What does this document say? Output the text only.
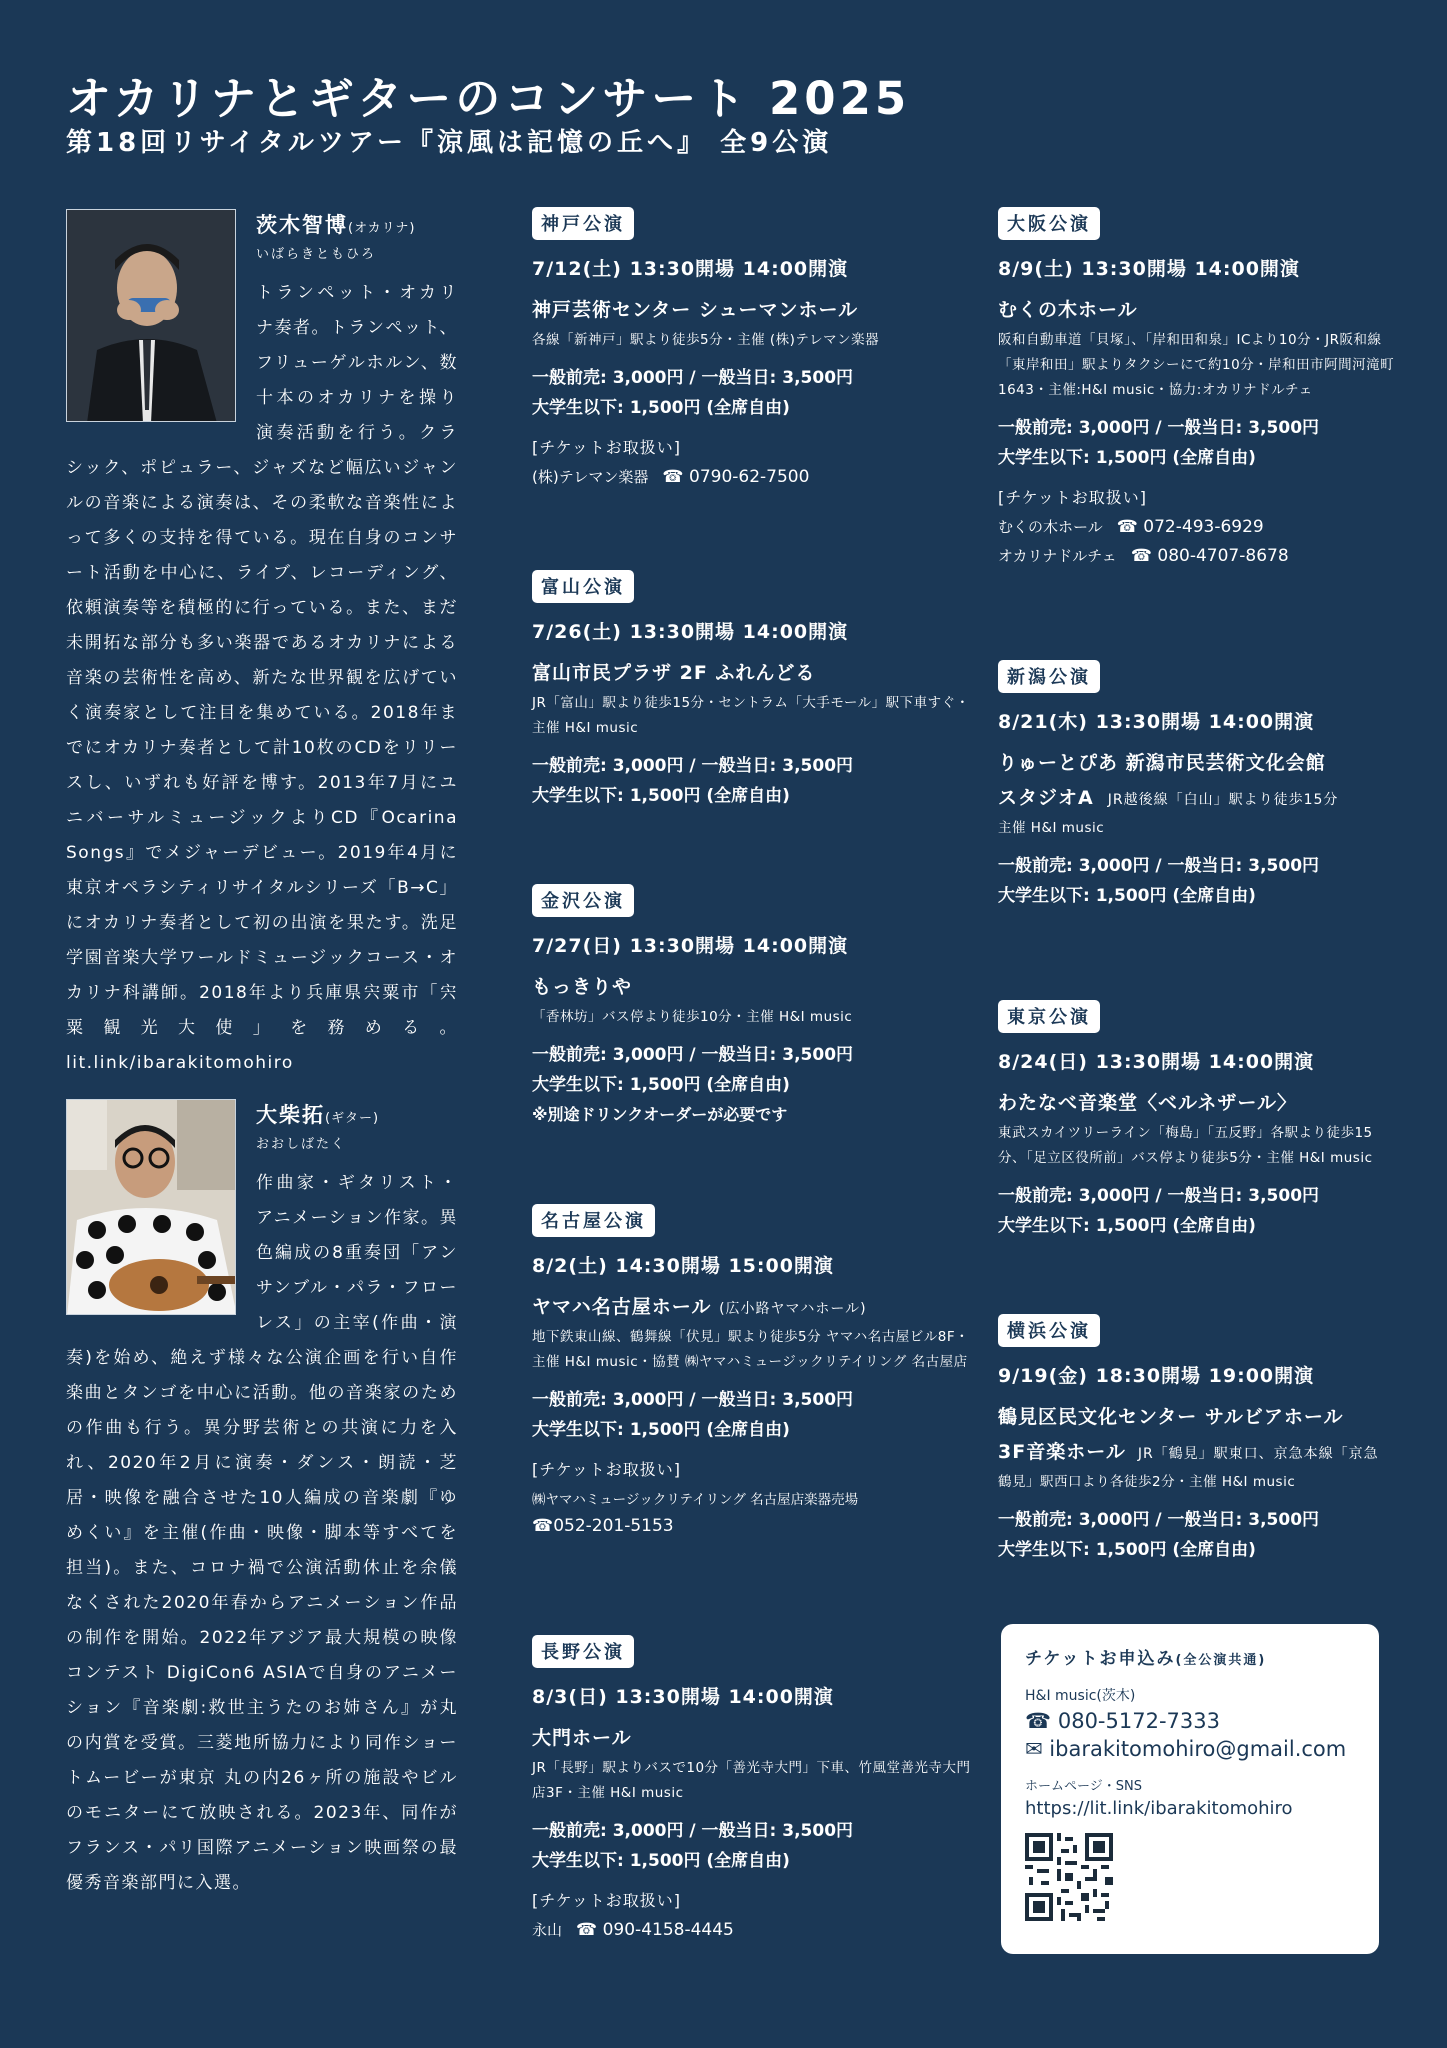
オカリナとギターのコンサート 2025
第18回リサイタルツアー『涼風は記憶の丘へ』 全9公演
茨木智博(オカリナ)
いばらきともひろ
トランペット・オカリナ奏者。トランペット、フリューゲルホルン、数十本のオカリナを操り演奏活動を行う。クラシック、ポピュラー、ジャズなど幅広いジャンルの音楽による演奏は、その柔軟な音楽性によって多くの支持を得ている。現在自身のコンサート活動を中心に、ライブ、レコーディング、依頼演奏等を積極的に行っている。また、まだ未開拓な部分も多い楽器であるオカリナによる音楽の芸術性を高め、新たな世界観を広げていく演奏家として注目を集めている。2018年までにオカリナ奏者として計10枚のCDをリリースし、いずれも好評を博す。2013年7月にユニバーサルミュージックよりCD『Ocarina Songs』でメジャーデビュー。2019年4月に東京オペラシティリサイタルシリーズ「B→C」にオカリナ奏者として初の出演を果たす。洗足学園音楽大学ワールドミュージックコース・オカリナ科講師。2018年より兵庫県宍粟市「宍粟観光大使」を務める。lit.link/ibarakitomohiro
大柴拓(ギター)
おおしばたく
作曲家・ギタリスト・アニメーション作家。異色編成の8重奏団「アンサンブル・パラ・フローレス」の主宰(作曲・演奏)を始め、絶えず様々な公演企画を行い自作楽曲とタンゴを中心に活動。他の音楽家のための作曲も行う。異分野芸術との共演に力を入れ、2020年2月に演奏・ダンス・朗読・芝居・映像を融合させた10人編成の音楽劇『ゆめくい』を主催(作曲・映像・脚本等すべてを担当)。また、コロナ禍で公演活動休止を余儀なくされた2020年春からアニメーション作品の制作を開始。2022年アジア最大規模の映像コンテスト DigiCon6 ASIAで自身のアニメーション『音楽劇:救世主うたのお姉さん』が丸の内賞を受賞。三菱地所協力により同作ショートムービーが東京 丸の内26ヶ所の施設やビルのモニターにて放映される。2023年、同作がフランス・パリ国際アニメーション映画祭の最優秀音楽部門に入選。
神戸公演
7/12(土) 13:30開場 14:00開演
神戸芸術センター シューマンホール
各線「新神戸」駅より徒歩5分・主催 (株)テレマン楽器
一般前売: 3,000円 / 一般当日: 3,500円
大学生以下: 1,500円 (全席自由)
[チケットお取扱い]
(株)テレマン楽器 ☎ 0790-62-7500
富山公演
7/26(土) 13:30開場 14:00開演
富山市民プラザ 2F ふれんどる
JR「富山」駅より徒歩15分・セントラム「大手モール」駅下車すぐ・主催 H&I music
一般前売: 3,000円 / 一般当日: 3,500円
大学生以下: 1,500円 (全席自由)
金沢公演
7/27(日) 13:30開場 14:00開演
もっきりや
「香林坊」バス停より徒歩10分・主催 H&I music
一般前売: 3,000円 / 一般当日: 3,500円
大学生以下: 1,500円 (全席自由)
※別途ドリンクオーダーが必要です
名古屋公演
8/2(土) 14:30開場 15:00開演
ヤマハ名古屋ホール (広小路ヤマハホール)
地下鉄東山線、鶴舞線「伏見」駅より徒歩5分 ヤマハ名古屋ビル8F・主催 H&I music・協賛 ㈱ヤマハミュージックリテイリング 名古屋店
一般前売: 3,000円 / 一般当日: 3,500円
大学生以下: 1,500円 (全席自由)
[チケットお取扱い]
㈱ヤマハミュージックリテイリング 名古屋店楽器売場
☎052-201-5153
長野公演
8/3(日) 13:30開場 14:00開演
大門ホール
JR「長野」駅よりバスで10分「善光寺大門」下車、竹風堂善光寺大門店3F・主催 H&I music
一般前売: 3,000円 / 一般当日: 3,500円
大学生以下: 1,500円 (全席自由)
[チケットお取扱い]
永山 ☎ 090-4158-4445
大阪公演
8/9(土) 13:30開場 14:00開演
むくの木ホール
阪和自動車道「貝塚」、「岸和田和泉」ICより10分・JR阪和線「東岸和田」駅よりタクシーにて約10分・岸和田市阿間河滝町1643・主催:H&I music・協力:オカリナドルチェ
一般前売: 3,000円 / 一般当日: 3,500円
大学生以下: 1,500円 (全席自由)
[チケットお取扱い]
むくの木ホール ☎ 072-493-6929
オカリナドルチェ ☎ 080-4707-8678
新潟公演
8/21(木) 13:30開場 14:00開演
りゅーとぴあ 新潟市民芸術文化会館
スタジオA JR越後線「白山」駅より徒歩15分
主催 H&I music
一般前売: 3,000円 / 一般当日: 3,500円
大学生以下: 1,500円 (全席自由)
東京公演
8/24(日) 13:30開場 14:00開演
わたなべ音楽堂〈ベルネザール〉
東武スカイツリーライン「梅島」「五反野」各駅より徒歩15分、「足立区役所前」バス停より徒歩5分・主催 H&I music
一般前売: 3,000円 / 一般当日: 3,500円
大学生以下: 1,500円 (全席自由)
横浜公演
9/19(金) 18:30開場 19:00開演
鶴見区民文化センター サルビアホール
3F音楽ホール JR「鶴見」駅東口、京急本線「京急
鶴見」駅西口より各徒歩2分・主催 H&I music
一般前売: 3,000円 / 一般当日: 3,500円
大学生以下: 1,500円 (全席自由)
チケットお申込み(全公演共通)
H&I music(茨木)
☎ 080-5172-7333
✉ ibarakitomohiro@gmail.com
ホームページ・SNS
https://lit.link/ibarakitomohiro
